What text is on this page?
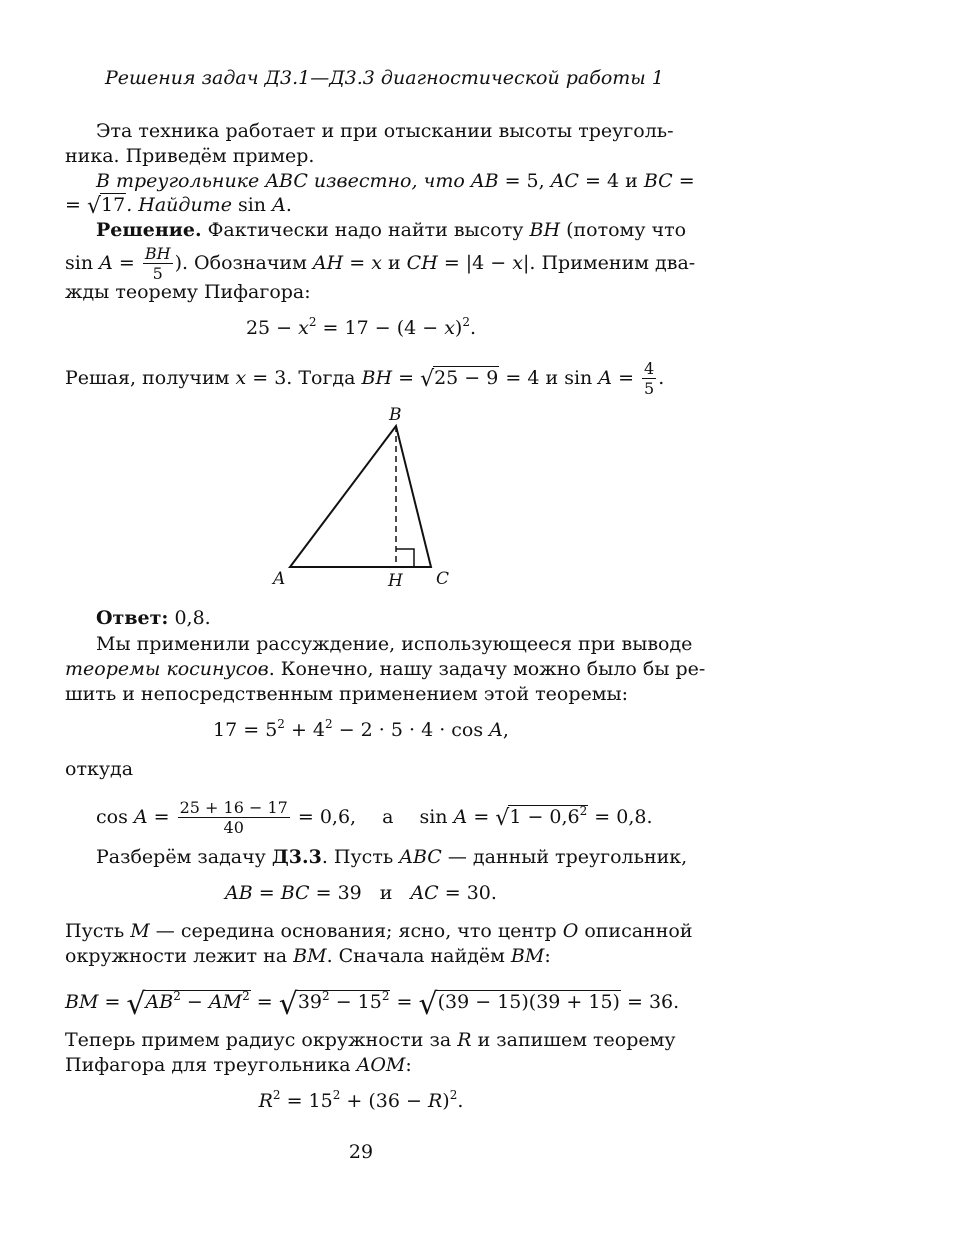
Решения задач Д3.1—Д3.3 диагностической работы 1
Эта техника работает и при отыскании высоты треуголь-
ника. Приведём пример.
В треугольнике ABC известно, что AB = 5, AC = 4 и BC =
= √17. Найдите sin A.
Решение. Фактически надо найти высоту BH (потому что
$\sin A = \frac{BH}{5}$ ). Обозначим AH = x и CH = |4 − x|. Применим два-
жды теорему Пифагора:
$25 - x^2 = 17 - (4 - x)^2$.
Решая, получим x = 3. Тогда BH = √25 − 9 = 4 и $\sin A = \frac{4}{5}$ .
B
A	H C
Ответ: 0,8.
Мы применили рассуждение, использующееся при выводе
теоремы косинусов. Конечно, нашу задачу можно было бы ре-
шить и непосредственным применением этой теоремы:
$17 = 5^2 + 4^2 - 2 \cdot 5 \cdot 4 \cdot \cos A$,
откуда
$\cos A = \frac{25 + 16 - 17}{40} = 0,6$, а $\sin A = √1 - 0,6^2 = 0,8$.
Разберём задачу Д3.3. Пусть ABC — данный треугольник,
AB = BC = 39 и AC = 30.
Пусть M — середина основания; ясно, что центр O описанной
окружности лежит на BM. Сначала найдём BM:
BM = $√AB^2 - AM^2 = √39^2 - 15^2 = √(39 - 15)(39 + 15) = 36$.
Теперь примем радиус окружности за R и запишем теорему
Пифагора для треугольника AOM:
$R^2 = 15^2 + (36 - R)^2$.
29
